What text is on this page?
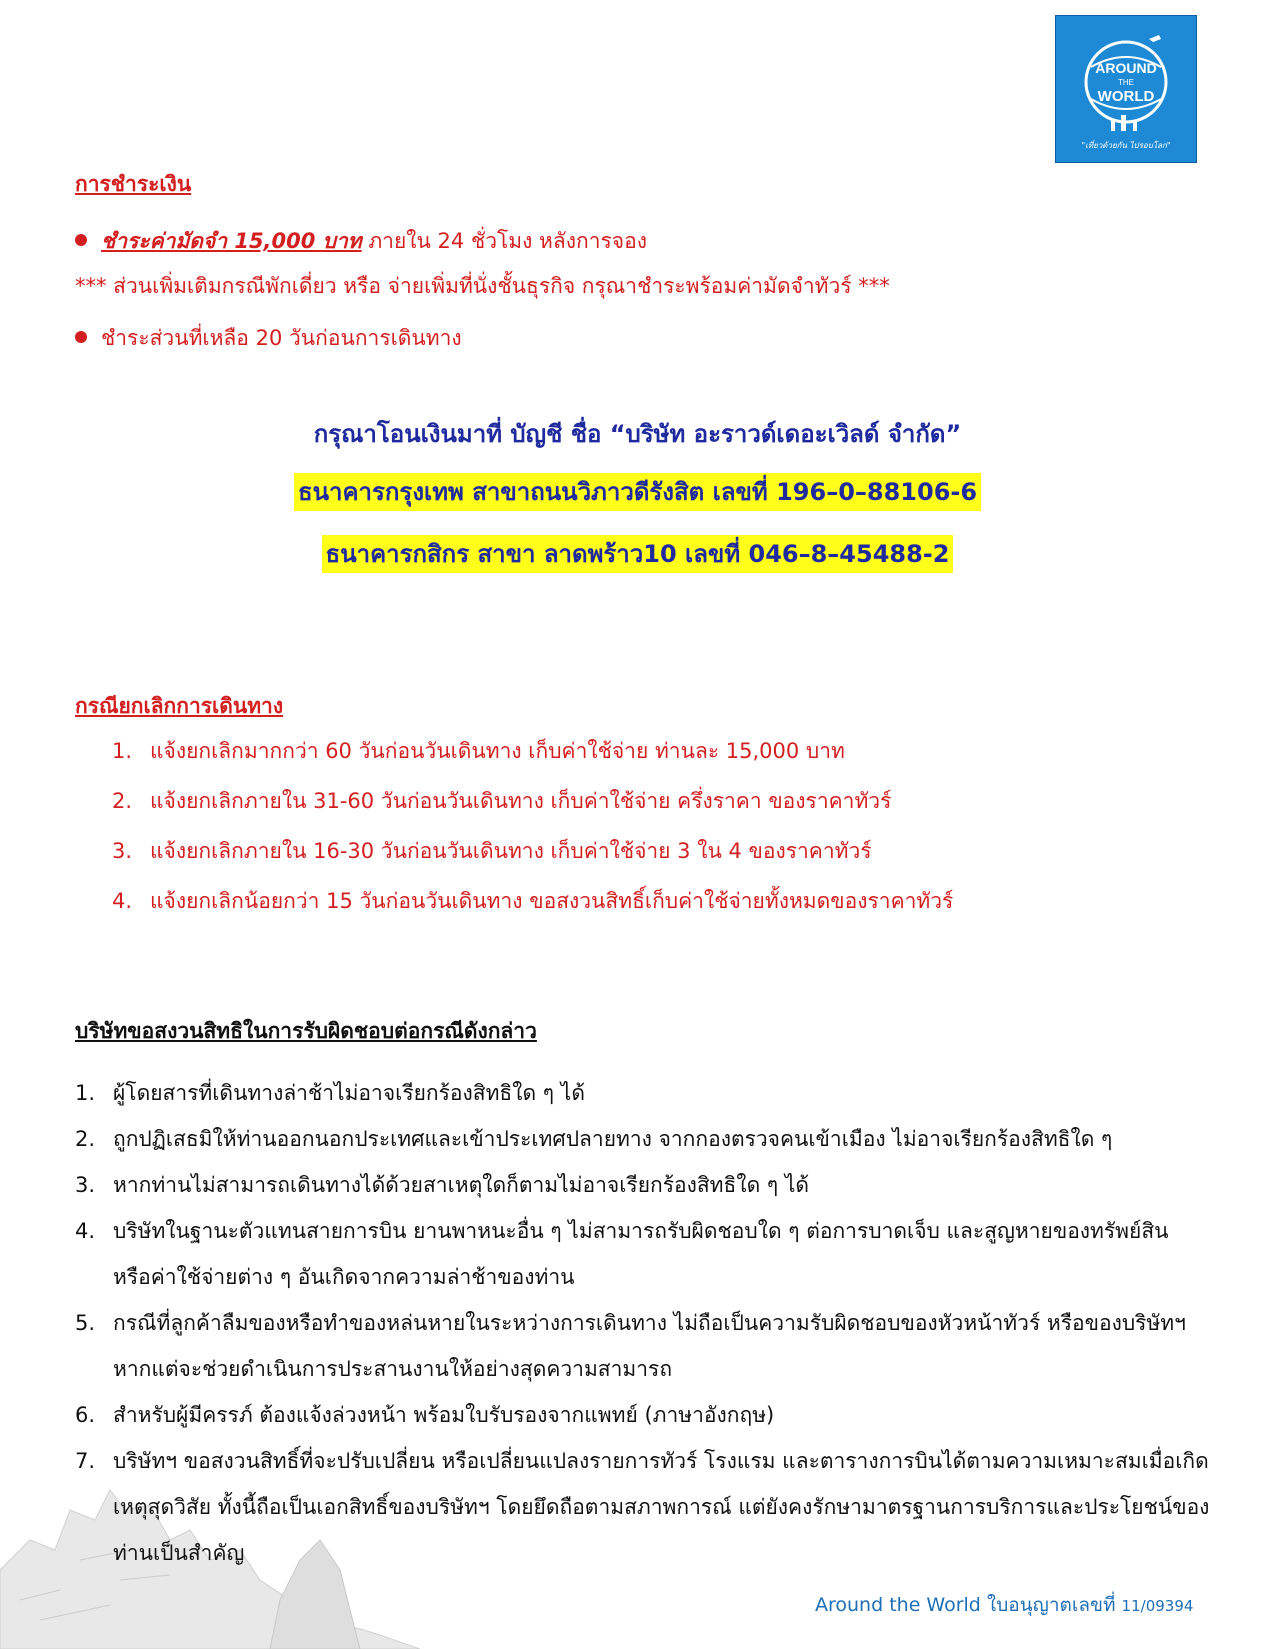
AROUND
THE
WORLD
"เที่ยวด้วยกัน ไปรอบโลก"
การชำระเงิน
ชำระค่ามัดจำ 15,000 บาท ภายใน 24 ชั่วโมง หลังการจอง
*** ส่วนเพิ่มเติมกรณีพักเดี่ยว หรือ จ่ายเพิ่มที่นั่งชั้นธุรกิจ กรุณาชำระพร้อมค่ามัดจำทัวร์ ***
ชำระส่วนที่เหลือ 20 วันก่อนการเดินทาง
กรุณาโอนเงินมาที่ บัญชี ชื่อ “บริษัท อะราวด์เดอะเวิลด์ จำกัด”
ธนาคารกรุงเทพ สาขาถนนวิภาวดีรังสิต เลขที่ 196–0–88106-6
ธนาคารกสิกร สาขา ลาดพร้าว10 เลขที่ 046–8–45488-2
กรณียกเลิกการเดินทาง
1. แจ้งยกเลิกมากกว่า 60 วันก่อนวันเดินทาง เก็บค่าใช้จ่าย ท่านละ 15,000 บาท
2. แจ้งยกเลิกภายใน 31-60 วันก่อนวันเดินทาง เก็บค่าใช้จ่าย ครึ่งราคา ของราคาทัวร์
3. แจ้งยกเลิกภายใน 16-30 วันก่อนวันเดินทาง เก็บค่าใช้จ่าย 3 ใน 4 ของราคาทัวร์
4. แจ้งยกเลิกน้อยกว่า 15 วันก่อนวันเดินทาง ขอสงวนสิทธิ์เก็บค่าใช้จ่ายทั้งหมดของราคาทัวร์
บริษัทขอสงวนสิทธิในการรับผิดชอบต่อกรณีดังกล่าว
1. ผู้โดยสารที่เดินทางล่าช้าไม่อาจเรียกร้องสิทธิใด ๆ ได้
2. ถูกปฏิเสธมิให้ท่านออกนอกประเทศและเข้าประเทศปลายทาง จากกองตรวจคนเข้าเมือง ไม่อาจเรียกร้องสิทธิใด ๆ
3. หากท่านไม่สามารถเดินทางได้ด้วยสาเหตุใดก็ตามไม่อาจเรียกร้องสิทธิใด ๆ ได้
4. บริษัทในฐานะตัวแทนสายการบิน ยานพาหนะอื่น ๆ ไม่สามารถรับผิดชอบใด ๆ ต่อการบาดเจ็บ และสูญหายของทรัพย์สิน หรือค่าใช้จ่ายต่าง ๆ อันเกิดจากความล่าช้าของท่าน
5. กรณีที่ลูกค้าลืมของหรือทำของหล่นหายในระหว่างการเดินทาง ไม่ถือเป็นความรับผิดชอบของหัวหน้าทัวร์ หรือของบริษัทฯ หากแต่จะช่วยดำเนินการประสานงานให้อย่างสุดความสามารถ
6. สำหรับผู้มีครรภ์ ต้องแจ้งล่วงหน้า พร้อมใบรับรองจากแพทย์ (ภาษาอังกฤษ)
7. บริษัทฯ ขอสงวนสิทธิ์ที่จะปรับเปลี่ยน หรือเปลี่ยนแปลงรายการทัวร์ โรงแรม และตารางการบินได้ตามความเหมาะสมเมื่อเกิดเหตุสุดวิสัย ทั้งนี้ถือเป็นเอกสิทธิ์ของบริษัทฯ โดยยึดถือตามสภาพการณ์ แต่ยังคงรักษามาตรฐานการบริการและประโยชน์ของท่านเป็นสำคัญ
Around the World ใบอนุญาตเลขที่ 11/09394
